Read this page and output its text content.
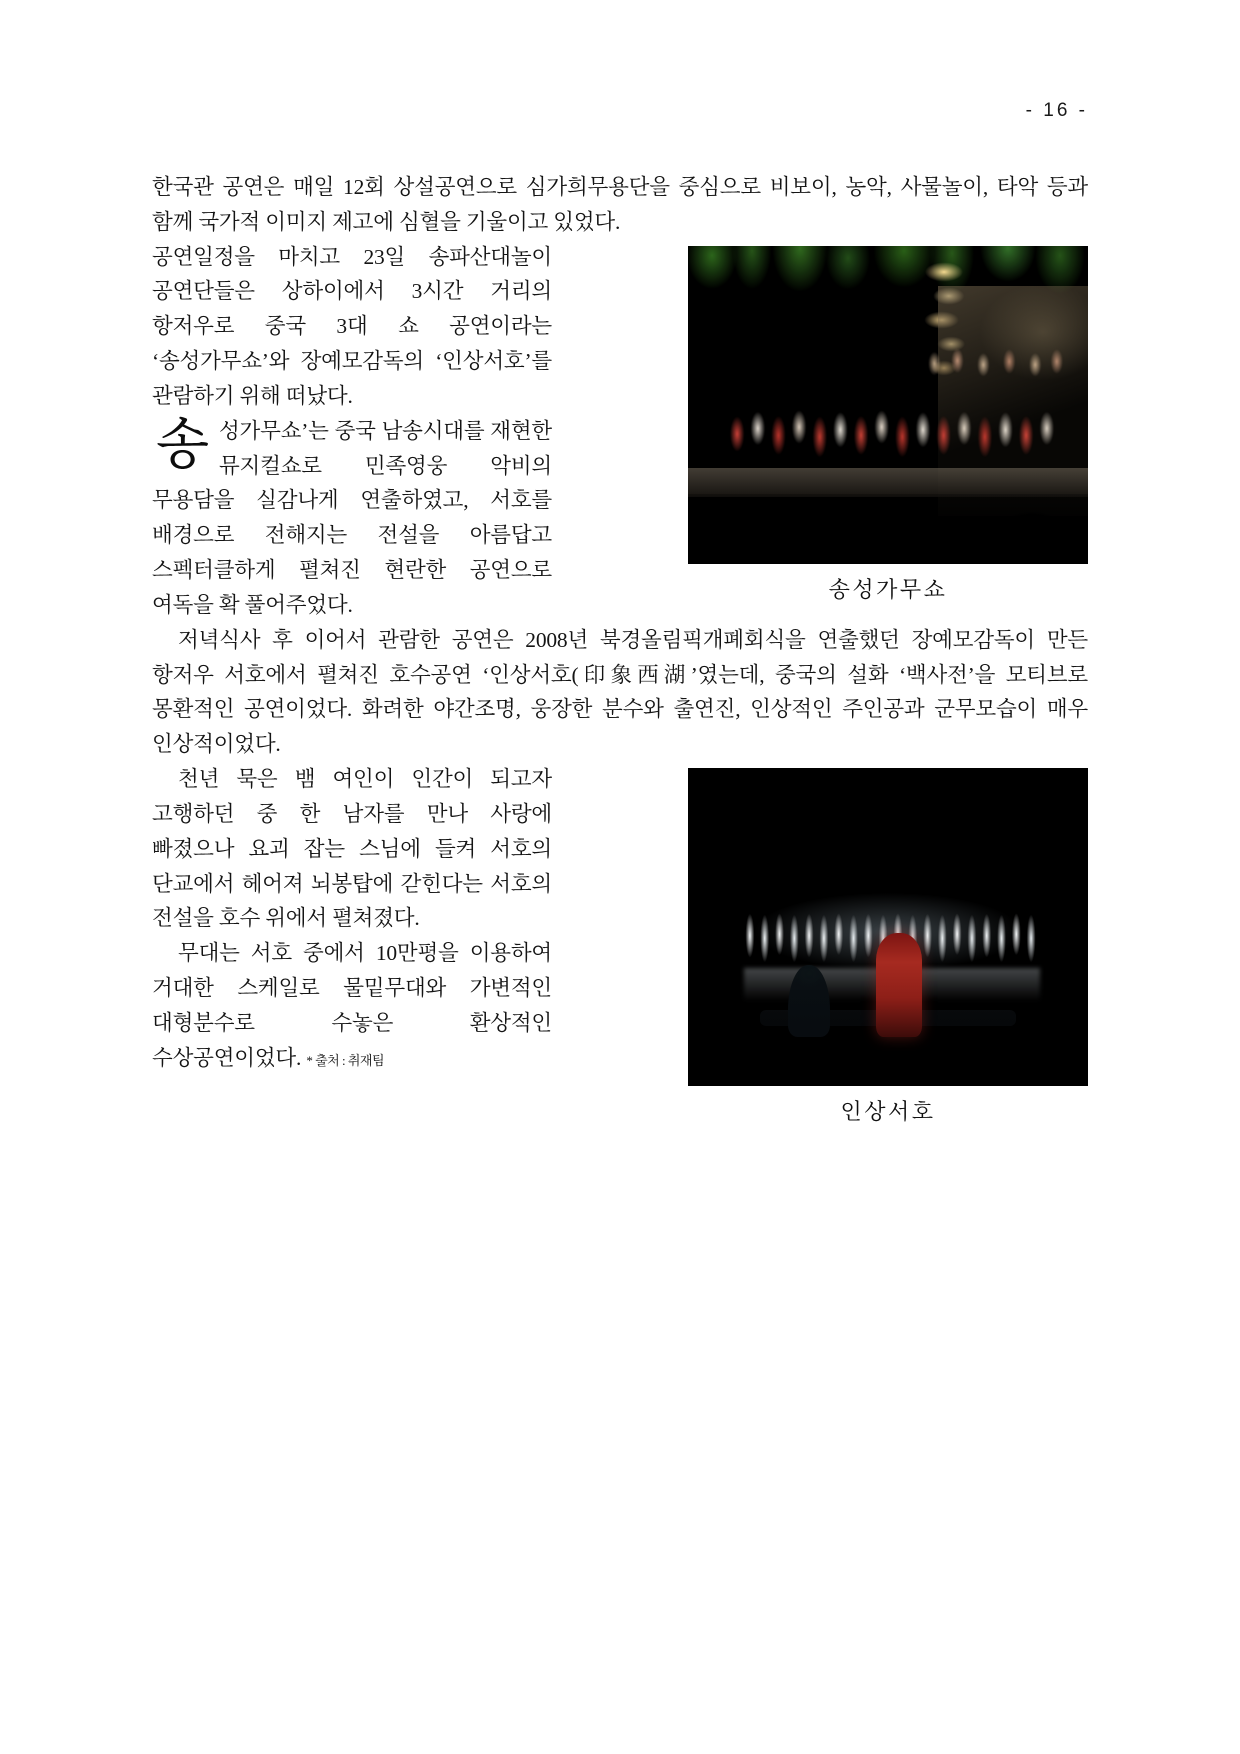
- 16 -

한국관 공연은 매일 12회 상설공연으로 심가희무용단을 중심으로 비보이, 농악, 사물놀이, 타악 등과 함께 국가적 이미지 제고에 심혈을 기울이고 있었다.

송성가무쇼

공연일정을 마치고 23일 송파산대놀이 공연단들은 상하이에서 3시간 거리의 항저우로 중국 3대 쇼 공연이라는 ‘송성가무쇼’와 장예모감독의 ‘인상서호’를 관람하기 위해 떠났다.

송 성가무쇼’는 중국 남송시대를 재현한 뮤지컬쇼로 민족영웅 악비의 무용담을 실감나게 연출하였고, 서호를 배경으로 전해지는 전설을 아름답고 스펙터클하게 펼쳐진 현란한 공연으로 여독을 확 풀어주었다.

저녁식사 후 이어서 관람한 공연은 2008년 북경올림픽개폐회식을 연출했던 장예모감독이 만든 항저우 서호에서 펼쳐진 호수공연 ‘인상서호(印象西湖’였는데, 중국의 설화 ‘백사전’을 모티브로 몽환적인 공연이었다. 화려한 야간조명, 웅장한 분수와 출연진, 인상적인 주인공과 군무모습이 매우 인상적이었다.

인상서호

천년 묵은 뱀 여인이 인간이 되고자 고행하던 중 한 남자를 만나 사랑에 빠졌으나 요괴 잡는 스님에 들켜 서호의 단교에서 헤어져 뇌봉탑에 갇힌다는 서호의 전설을 호수 위에서 펼쳐졌다.

무대는 서호 중에서 10만평을 이용하여 거대한 스케일로 물밑무대와 가변적인 대형분수로 수놓은 환상적인 수상공연이었다. * 출처 : 취재팀
